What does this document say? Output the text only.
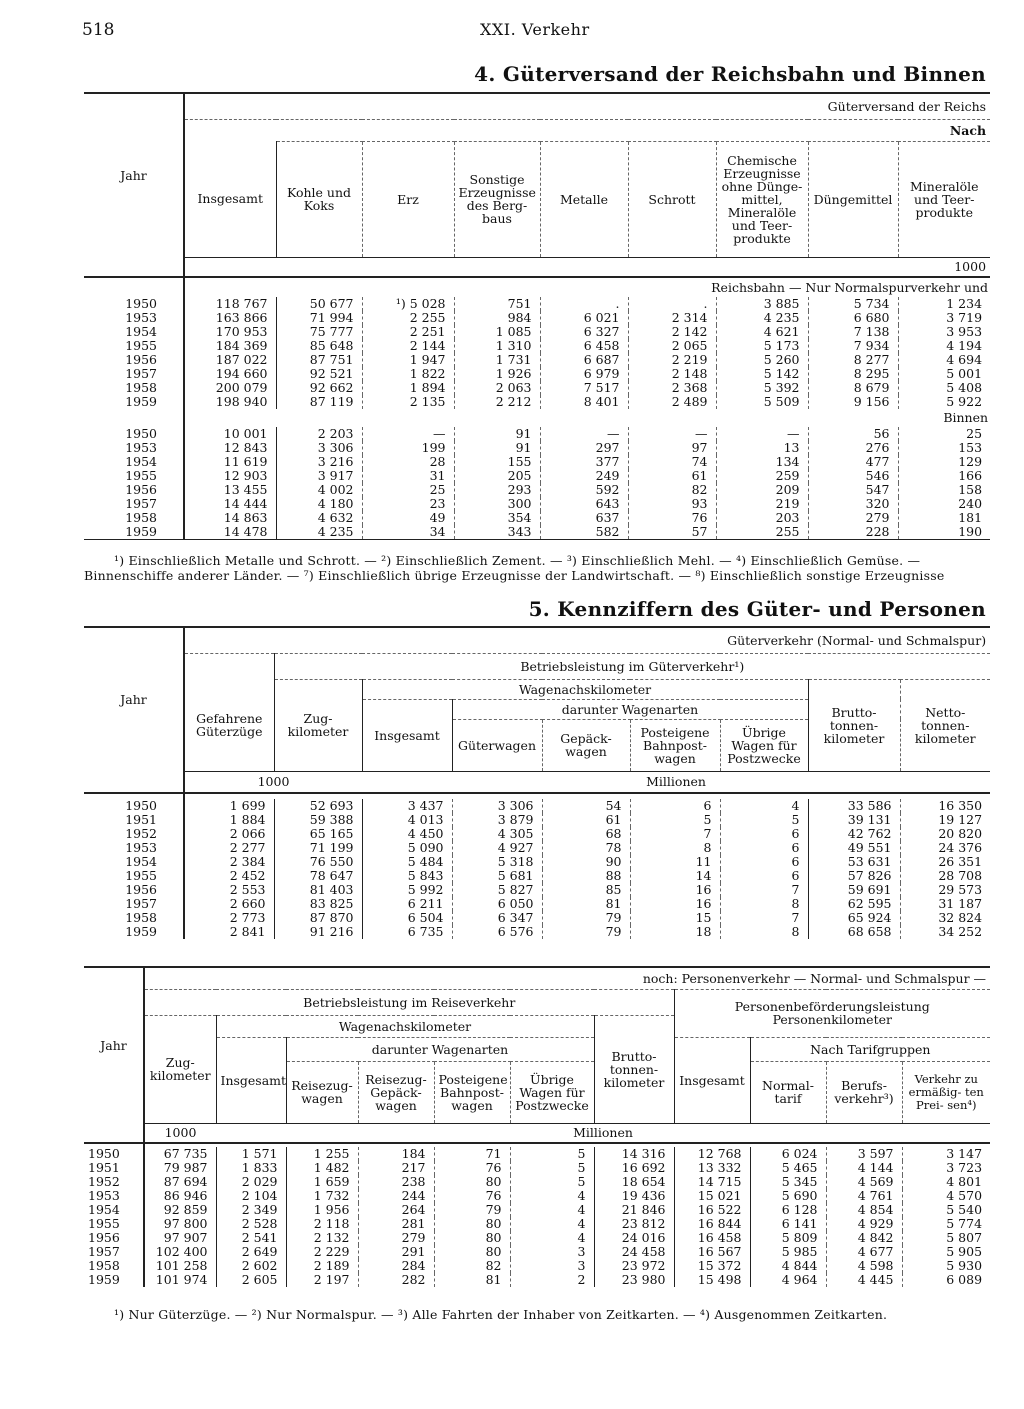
518	XXI. Verkehr
4. Güterversand der Reichsbahn und Binnen
Jahr	Güterversand der Reichs								
		Nach							
	Insgesamt	Kohle und Koks	Erz	Sonstige Erzeugnisse des Berg- baus	Metalle	Schrott	Chemische Erzeugnisse ohne Dünge- mittel, Mineralöle und Teer- produkte	Düngemittel	Mineralöle und Teer- produkte
	1000								
	Reichsbahn — Nur Normalspurverkehr und								
1950	118 767	50 677	¹) 5 028	751	.	.	3 885	5 734	1 234
1953	163 866	71 994	2 255	984	6 021	2 314	4 235	6 680	3 719
1954	170 953	75 777	2 251	1 085	6 327	2 142	4 621	7 138	3 953
1955	184 369	85 648	2 144	1 310	6 458	2 065	5 173	7 934	4 194
1956	187 022	87 751	1 947	1 731	6 687	2 219	5 260	8 277	4 694
1957	194 660	92 521	1 822	1 926	6 979	2 148	5 142	8 295	5 001
1958	200 079	92 662	1 894	2 063	7 517	2 368	5 392	8 679	5 408
1959	198 940	87 119	2 135	2 212	8 401	2 489	5 509	9 156	5 922
	Binnen								
1950	10 001	2 203	—	91	—	—	—	56	25
1953	12 843	3 306	199	91	297	97	13	276	153
1954	11 619	3 216	28	155	377	74	134	477	129
1955	12 903	3 917	31	205	249	61	259	546	166
1956	13 455	4 002	25	293	592	82	209	547	158
1957	14 444	4 180	23	300	643	93	219	320	240
1958	14 863	4 632	49	354	637	76	203	279	181
1959	14 478	4 235	34	343	582	57	255	228	190

¹) Einschließlich Metalle und Schrott. — ²) Einschließlich Zement. — ³) Einschließlich Mehl. — ⁴) Einschließlich Gemüse. —
Binnenschiffe anderer Länder. — ⁷) Einschließlich übrige Erzeugnisse der Landwirtschaft. — ⁸) Einschließlich sonstige Erzeugnisse
5. Kennziffern des Güter- und Personen
Jahr	Güterverkehr (Normal- und Schmalspur)								
		Betriebsleistung im Güterverkehr¹)							
	Gefahrene Güterzüge	Zug- kilometer	Wagenachskilometer					Brutto- tonnen- kilometer	Netto- tonnen- kilometer
			Insgesamt	darunter Wagenarten					
				Güterwagen	Gepäck- wagen	Posteigene Bahnpost- wagen	Übrige Wagen für Postzwecke		
	1000		Millionen						

1950	1 699	52 693	3 437	3 306	54	6	4	33 586	16 350
1951	1 884	59 388	4 013	3 879	61	5	5	39 131	19 127
1952	2 066	65 165	4 450	4 305	68	7	6	42 762	20 820
1953	2 277	71 199	5 090	4 927	78	8	6	49 551	24 376
1954	2 384	76 550	5 484	5 318	90	11	6	53 631	26 351
1955	2 452	78 647	5 843	5 681	88	14	6	57 826	28 708
1956	2 553	81 403	5 992	5 827	85	16	7	59 691	29 573
1957	2 660	83 825	6 211	6 050	81	16	8	62 595	31 187
1958	2 773	87 870	6 504	6 347	79	15	7	65 924	32 824
1959	2 841	91 216	6 735	6 576	79	18	8	68 658	34 252
Jahr	noch: Personenverkehr — Normal- und Schmalspur —										
	Betriebsleistung im Reiseverkehr							Personenbeförderungsleistung Personenkilometer			
	Zug- kilometer	Wagenachskilometer					Brutto- tonnen- kilometer				
		Insgesamt	darunter Wagenarten					Insgesamt	Nach Tarifgruppen		
			Reisezug- wagen	Reisezug- Gepäck- wagen	Posteigene Bahnpost- wagen	Übrige Wagen für Postzwecke			Normal- tarif	Berufs- verkehr³)	Verkehr zu ermäßig- ten Prei- sen⁴)
	1000	Millionen									

1950	67 735	1 571	1 255	184	71	5	14 316	12 768	6 024	3 597	3 147
1951	79 987	1 833	1 482	217	76	5	16 692	13 332	5 465	4 144	3 723
1952	87 694	2 029	1 659	238	80	5	18 654	14 715	5 345	4 569	4 801
1953	86 946	2 104	1 732	244	76	4	19 436	15 021	5 690	4 761	4 570
1954	92 859	2 349	1 956	264	79	4	21 846	16 522	6 128	4 854	5 540
1955	97 800	2 528	2 118	281	80	4	23 812	16 844	6 141	4 929	5 774
1956	97 907	2 541	2 132	279	80	4	24 016	16 458	5 809	4 842	5 807
1957	102 400	2 649	2 229	291	80	3	24 458	16 567	5 985	4 677	5 905
1958	101 258	2 602	2 189	284	82	3	23 972	15 372	4 844	4 598	5 930
1959	101 974	2 605	2 197	282	81	2	23 980	15 498	4 964	4 445	6 089
¹) Nur Güterzüge. — ²) Nur Normalspur. — ³) Alle Fahrten der Inhaber von Zeitkarten. — ⁴) Ausgenommen Zeitkarten.
